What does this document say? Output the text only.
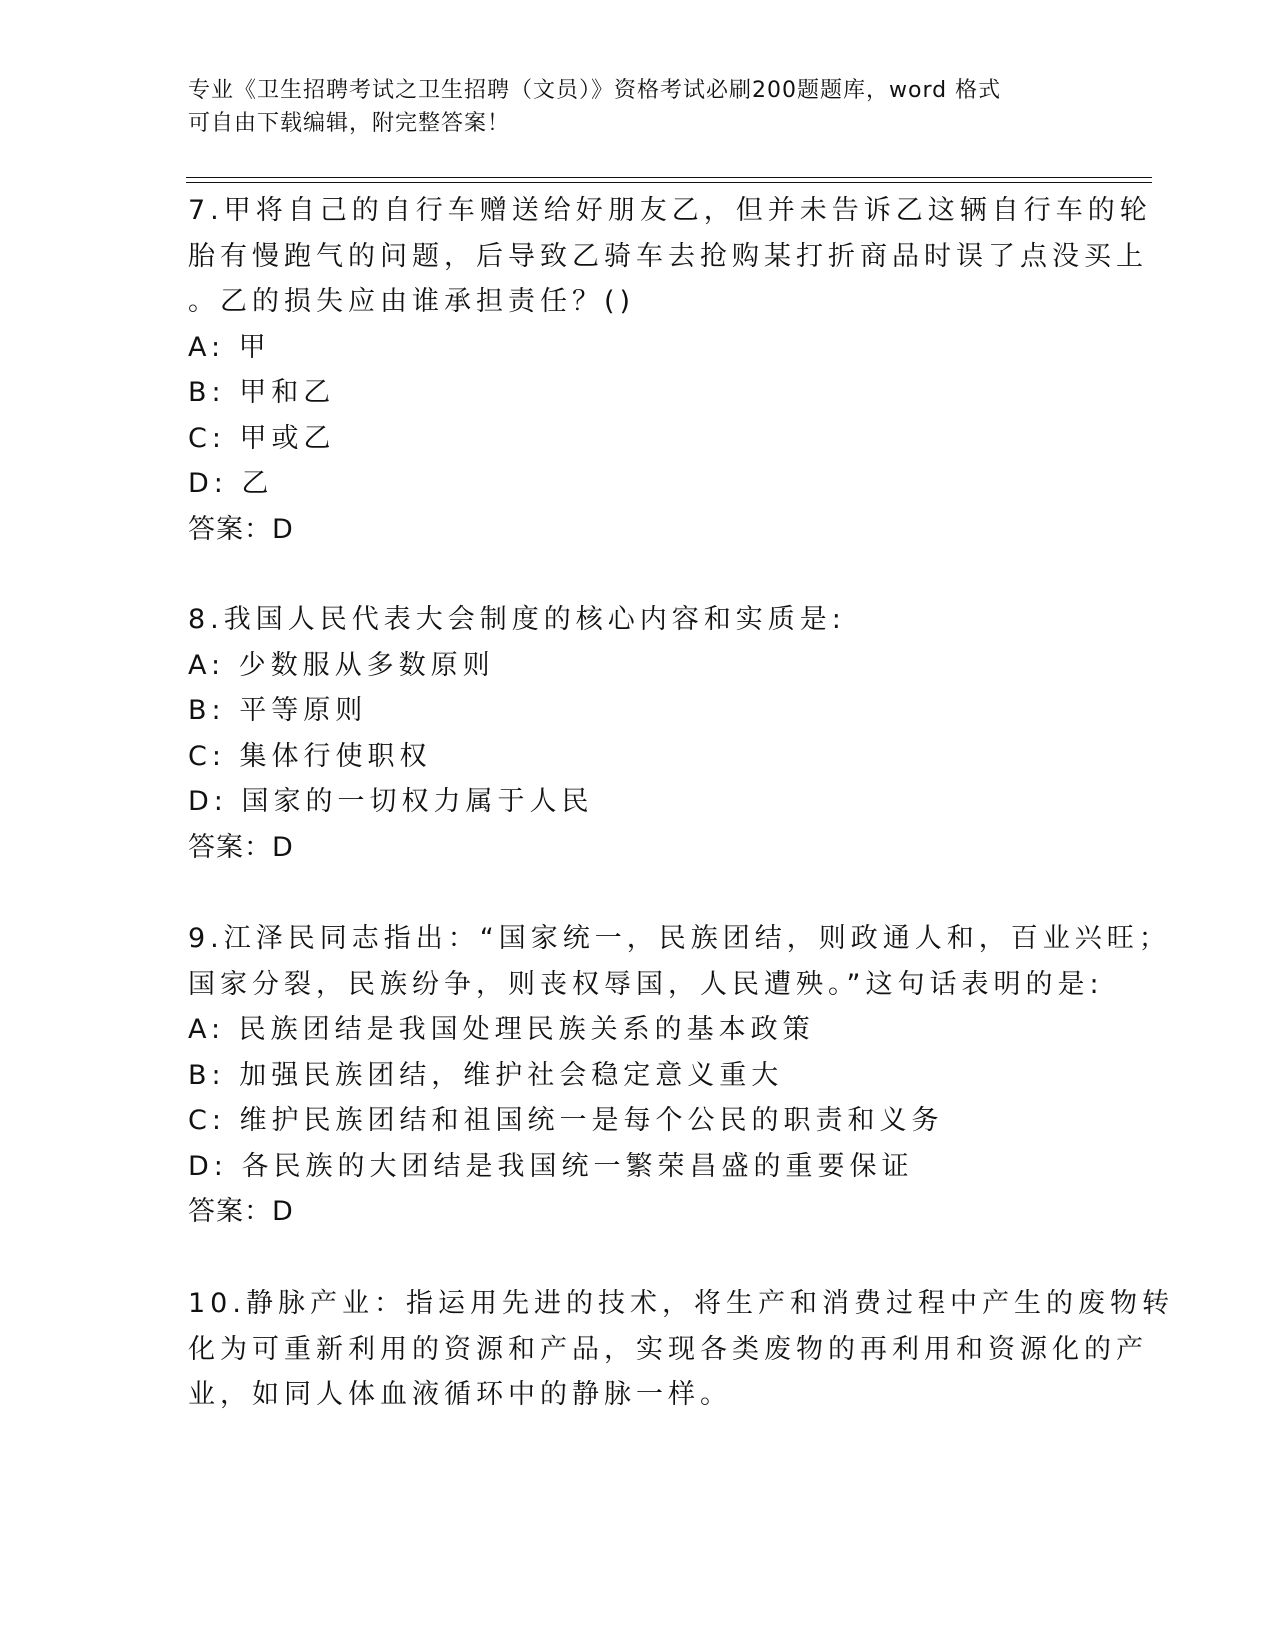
专业《卫生招聘考试之卫生招聘（文员）》资格考试必刷200题题库，word 格式
可自由下载编辑，附完整答案！
7.甲将自己的自行车赠送给好朋友乙，但并未告诉乙这辆自行车的轮
胎有慢跑气的问题，后导致乙骑车去抢购某打折商品时误了点没买上
。乙的损失应由谁承担责任？()
A: 甲
B: 甲和乙
C: 甲或乙
D: 乙
答案：D
8.我国人民代表大会制度的核心内容和实质是:
A: 少数服从多数原则
B: 平等原则
C: 集体行使职权
D: 国家的一切权力属于人民
答案：D
9.江泽民同志指出：“国家统一，民族团结，则政通人和，百业兴旺；
国家分裂，民族纷争，则丧权辱国，人民遭殃。”这句话表明的是:
A: 民族团结是我国处理民族关系的基本政策
B: 加强民族团结，维护社会稳定意义重大
C: 维护民族团结和祖国统一是每个公民的职责和义务
D: 各民族的大团结是我国统一繁荣昌盛的重要保证
答案：D
10.静脉产业：指运用先进的技术，将生产和消费过程中产生的废物转
化为可重新利用的资源和产品，实现各类废物的再利用和资源化的产
业，如同人体血液循环中的静脉一样。
